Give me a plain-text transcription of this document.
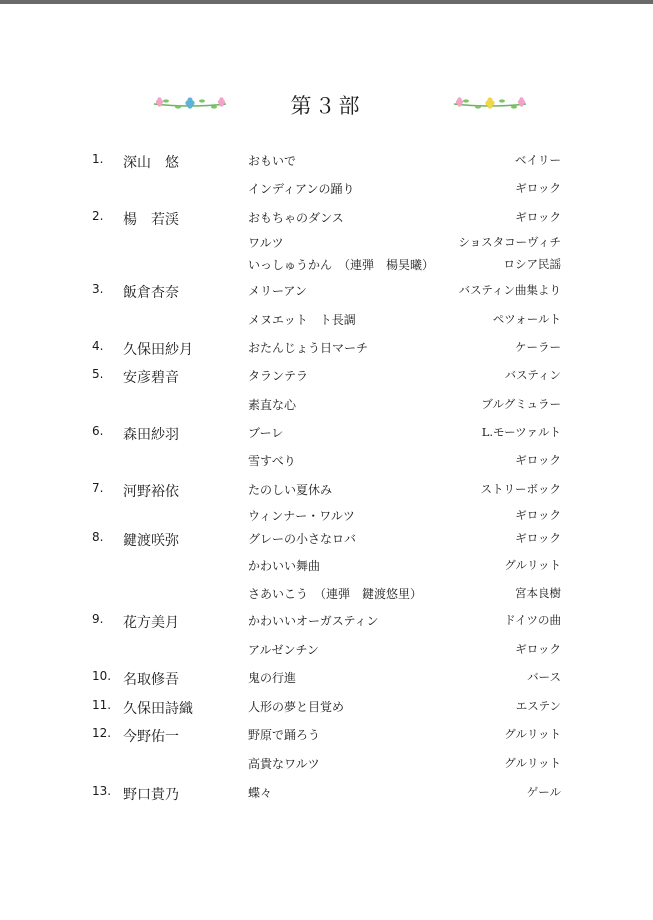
第３部
1. 深山　悠	おもいで	ベイリー
インディアンの踊り	ギロック
2. 楊　若渓	おもちゃのダンス	ギロック
ワルツ	ショスタコーヴィチ
いっしゅうかん　（連弾　楊昊曦）	ロシア民謡
3. 飯倉杏奈	メリーアン	バスティン曲集より
メヌエット　ト長調	ペツォールト
4. 久保田紗月	おたんじょう日マーチ	ケーラー
5. 安彦碧音	タランテラ	バスティン
素直な心	ブルグミュラー
6. 森田紗羽	ブーレ	L.モーツァルト
雪すべり	ギロック
7. 河野裕依	たのしい夏休み	ストリーボック
ウィンナー・ワルツ	ギロック
8. 鍵渡咲弥	グレーの小さなロバ	ギロック
かわいい舞曲	グルリット
さあいこう　（連弾　鍵渡悠里）	宮本良樹
9. 花方美月	かわいいオーガスティン	ドイツの曲
アルゼンチン	ギロック
10. 名取修吾	鬼の行進	バース
11. 久保田詩織	人形の夢と目覚め	エステン
12. 今野佑一	野原で踊ろう	グルリット
高貴なワルツ	グルリット
13. 野口貴乃	蝶々	ゲール
